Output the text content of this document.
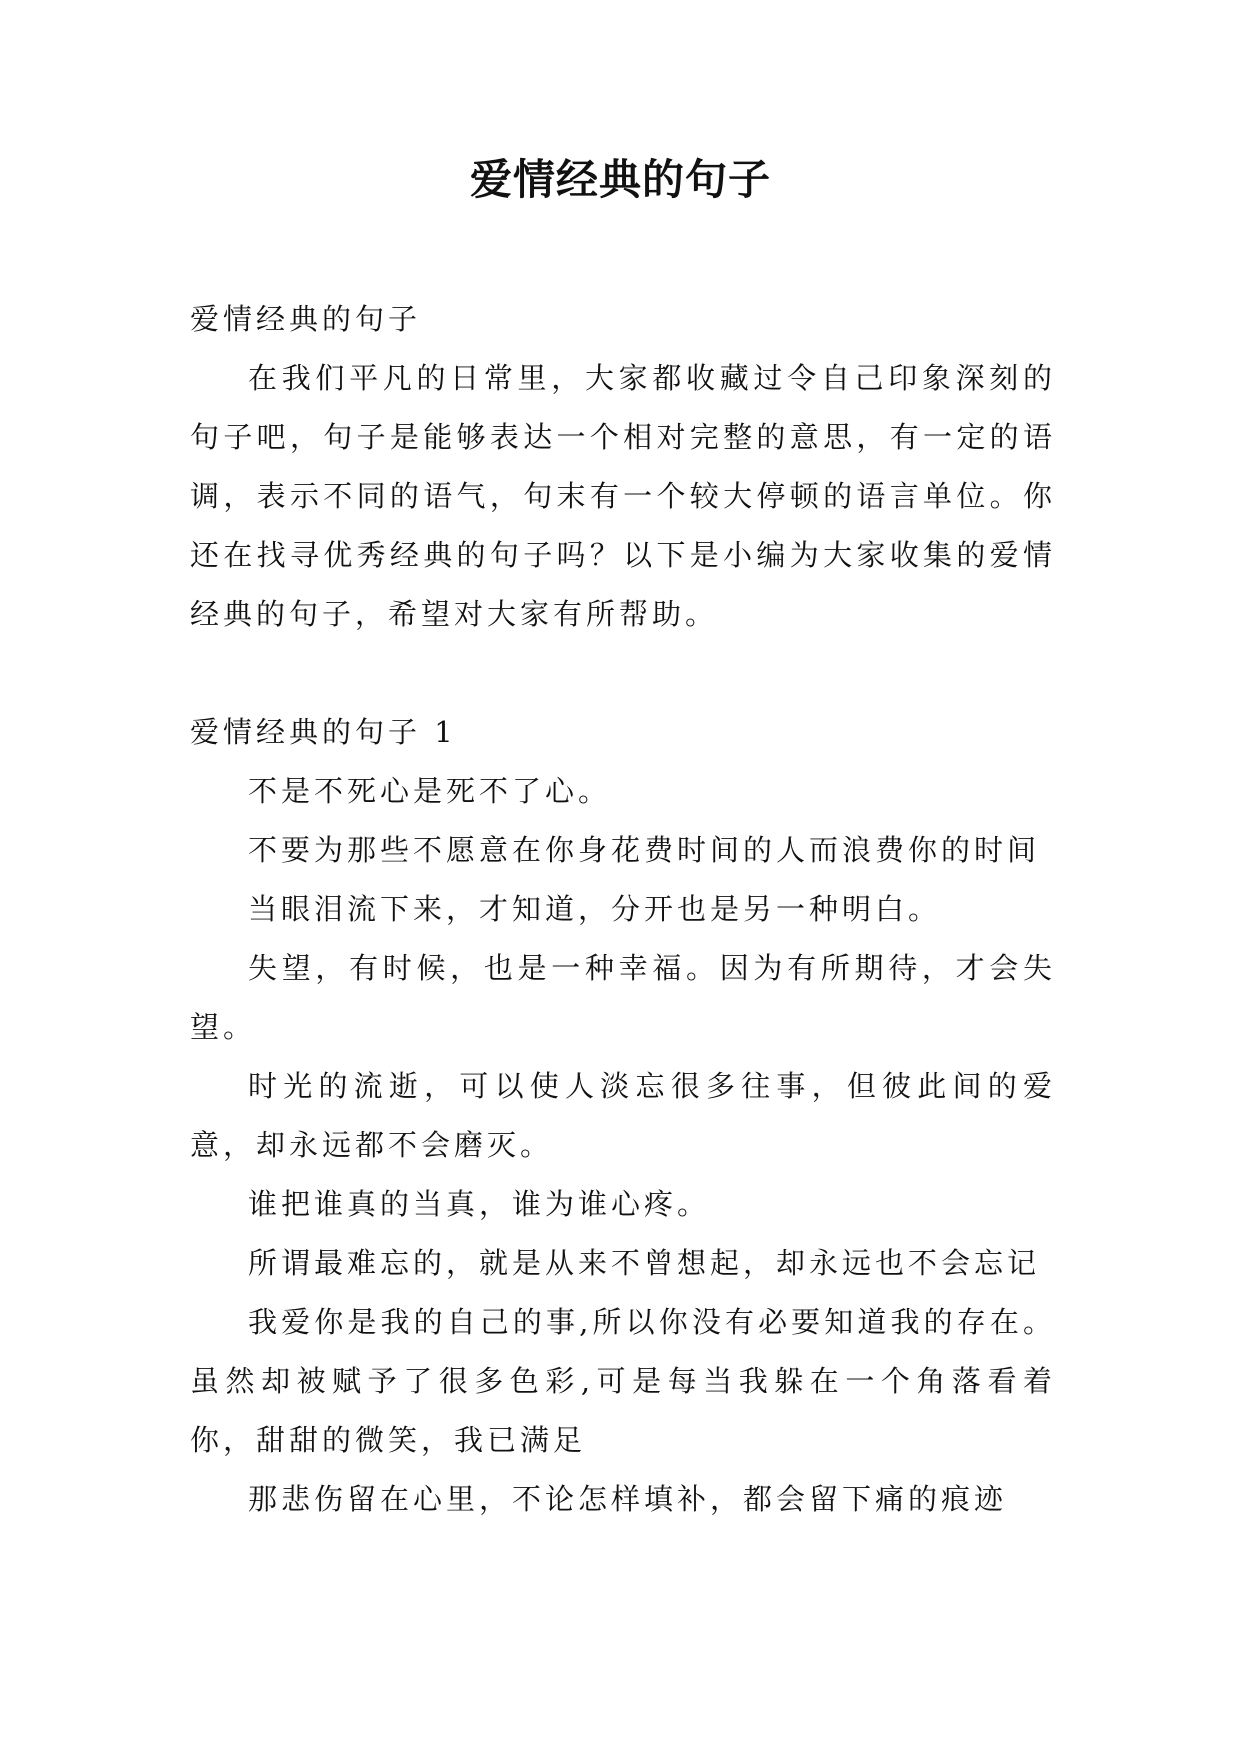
爱情经典的句子

爱情经典的句子

在我们平凡的日常里，大家都收藏过令自己印象深刻的句子吧，句子是能够表达一个相对完整的意思，有一定的语调，表示不同的语气，句末有一个较大停顿的语言单位。你还在找寻优秀经典的句子吗？以下是小编为大家收集的爱情经典的句子，希望对大家有所帮助。

爱情经典的句子 1

不是不死心是死不了心。

不要为那些不愿意在你身花费时间的人而浪费你的时间

当眼泪流下来，才知道，分开也是另一种明白。

失望，有时候，也是一种幸福。因为有所期待，才会失望。

时光的流逝，可以使人淡忘很多往事，但彼此间的爱意，却永远都不会磨灭。

谁把谁真的当真，谁为谁心疼。

所谓最难忘的，就是从来不曾想起，却永远也不会忘记

我爱你是我的自己的事,所以你没有必要知道我的存在。虽然却被赋予了很多色彩,可是每当我躲在一个角落看着你，甜甜的微笑，我已满足

那悲伤留在心里，不论怎样填补，都会留下痛的痕迹
